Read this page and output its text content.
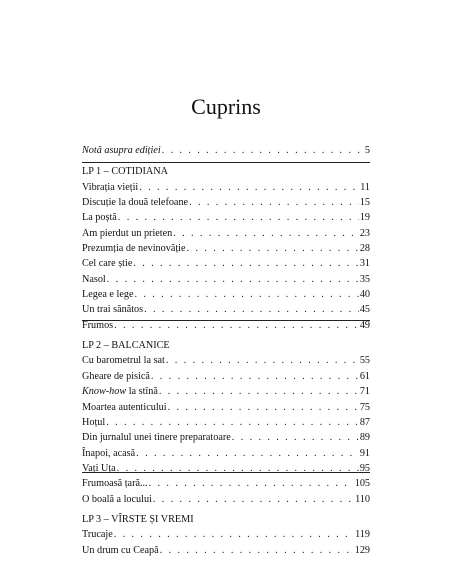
Cuprins
Notă asupra ediției . . .	5
LP 1 – COTIDIANA
Vibrația vieții . . .	11
Discuție la două telefoane . . .	15
La poștă . . .	19
Am pierdut un prieten . . .	23
Prezumția de nevinovăție . . .	28
Cel care știe . . .	31
Nasol . . .	35
Legea e lege . . .	40
Un trai sănătos . . .	45
Frumos . . .	49
LP 2 – BALCANICE
Cu barometrul la sat . . .	55
Gheare de pisică . . .	61
Know-how la stînă . . .	71
Moartea autenticului . . .	75
Hoțul . . .	87
Din jurnalul unei tinere preparatoare . . .	89
Înapoi, acasă . . .	91
Vați Uța . . .	95
Frumoasă țară... . . .	105
O boală a locului . . .	110
LP 3 – VÎRSTE ȘI VREMI
Trucaje . . .	119
Un drum cu Ceapă . . .	129
